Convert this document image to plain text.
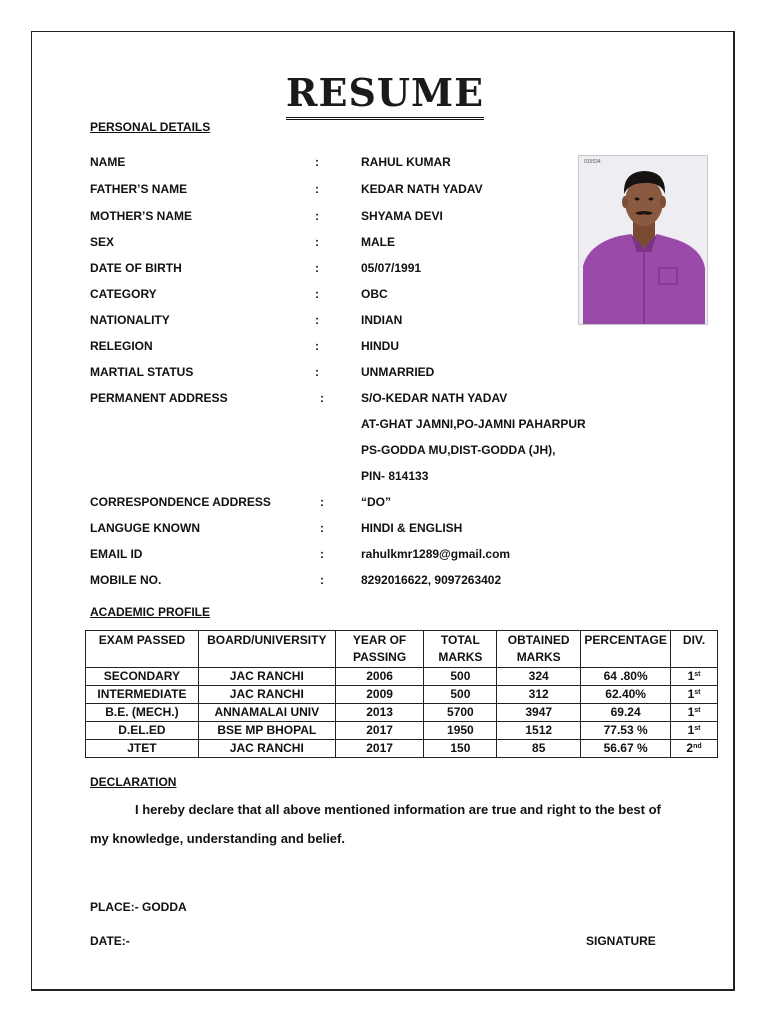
RESUME
PERSONAL DETAILS
NAME	:	RAHUL KUMAR
FATHER’S NAME	:	KEDAR NATH YADAV
MOTHER’S NAME	:	SHYAMA DEVI
SEX	:	MALE
DATE OF BIRTH	:	05/07/1991
CATEGORY	:	OBC
NATIONALITY	:	INDIAN
RELEGION	:	HINDU
MARTIAL STATUS	:	UNMARRIED
PERMANENT ADDRESS	:	S/O-KEDAR NATH YADAV
AT-GHAT JAMNI,PO-JAMNI PAHARPUR
PS-GODDA MU,DIST-GODDA (JH),
PIN- 814133
CORRESPONDENCE ADDRESS	:	“DO”
LANGUGE KNOWN	:	HINDI & ENGLISH
EMAIL ID	:	rahulkmr1289@gmail.com
MOBILE NO.	:	8292016622, 9097263402
015534
ACADEMIC PROFILE
EXAM PASSED	BOARD/UNIVERSITY	YEAR OF PASSING	TOTAL MARKS	OBTAINED MARKS	PERCENTAGE	DIV.
SECONDARY	JAC RANCHI	2006	500	324	64 .80%	1st
INTERMEDIATE	JAC RANCHI	2009	500	312	62.40%	1st
B.E. (MECH.)	ANNAMALAI UNIV	2013	5700	3947	69.24	1st
D.EL.ED	BSE MP BHOPAL	2017	1950	1512	77.53 %	1st
JTET	JAC RANCHI	2017	150	85	56.67 %	2nd
DECLARATION
I hereby declare that all above mentioned information are true and right to the best of
my knowledge, understanding and belief.
PLACE:- GODDA
DATE:-	SIGNATURE
